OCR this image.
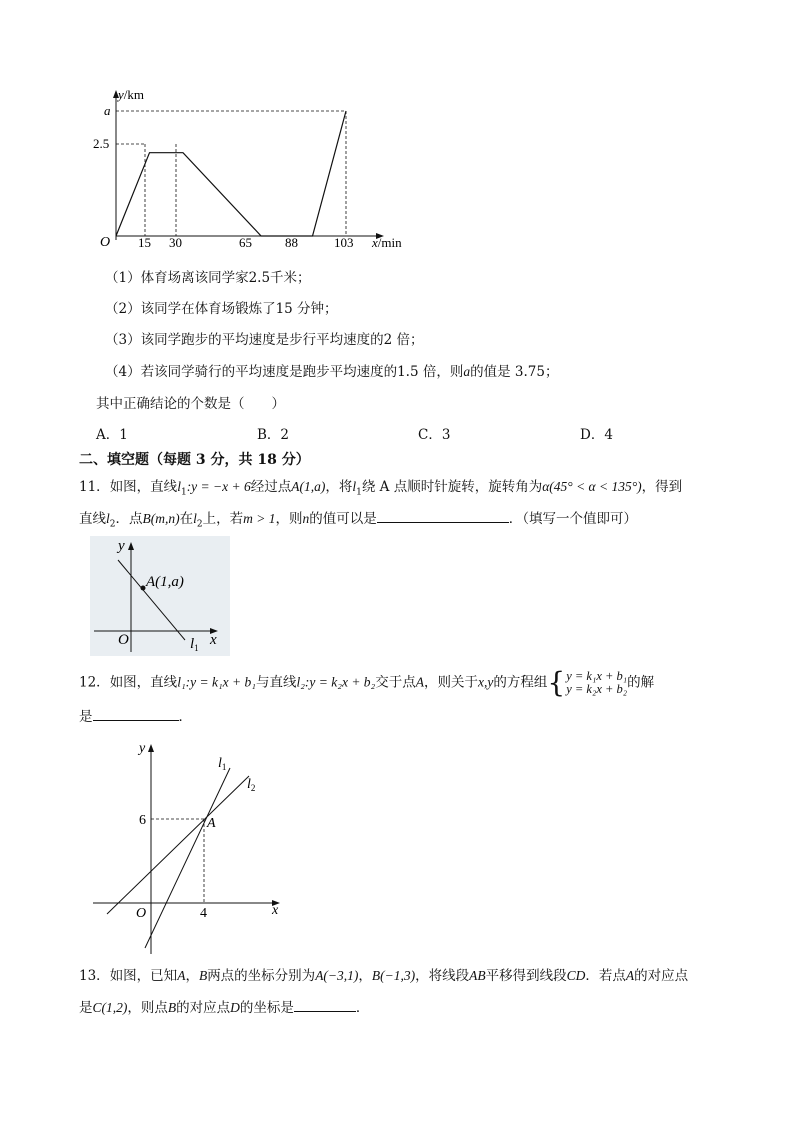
y/km
a
2.5
O 15 30	65	88	103 x/min
（1）体育场离该同学家2.5千米；
（2）该同学在体育场锻炼了15 分钟；
（3）该同学跑步的平均速度是步行平均速度的2 倍；
（4）若该同学骑行的平均速度是跑步平均速度的1.5 倍，则a的值是 3.75；
其中正确结论的个数是（　　）
A．1	B．2	C．3	D．4
二、填空题（每题 3 分，共 18 分）
11．如图，直线$l_1:y = -x + 6$经过点A(1,a)，将$l_1$绕 A 点顺时针旋转，旋转角为α(45° < α < 135°)，得到
直线$l_2$．点B(m,n)在$l_2$上，若m > 1，则n的值可以是	．（填写一个值即可）
y
x
O
A(1,a)
$l_1$
12．如图，直线l₁:y = k₁x + b₁与直线l₂:y = k₂x + b₂交于点A，则关于x,y的方程组 { y = k₁x + b₁
y = k₂x + b₂ 的解
是	．
y
x
O
6
4
A
$l_1$
$l_2$
13．如图，已知A，B两点的坐标分别为A(−3,1)，B(−1,3)，将线段AB平移得到线段CD．若点A的对应点
是C(1,2)，则点B的对应点D的坐标是	．
